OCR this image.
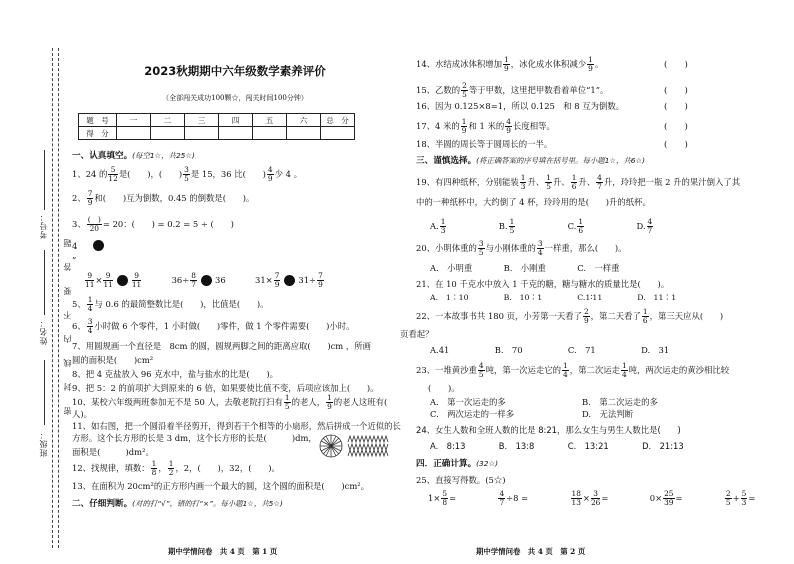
考号：
姓名：
班级：
密　封　线　内　不　要　答　题
2023秋期期中六年级数学素养评价
（全部闯关成功100颗☆，闯关时间100分钟）
题　号	一	二	三	四	五	六	总　分
得　分							
一、认真填空。(每空1☆，共25☆)
1、24 的 $\frac{5}{12}$ 是(　　)，(　　) $\frac{3}{5}$ 是 15，36 比(　　) $\frac{4}{9}$ 少 4 。
2、 $\frac{7}{9}$ 和(　　)互为倒数，0.45 的倒数是(　　)。
3、 $\frac{( )}{20} = 20$：(　　) = 0.2 = 5 ÷ (　　)
4
”
$\frac{9}{11} \times \frac{9}{11}$	$\frac{9}{11}$	$36\div \frac{8}{7} 36$	$31\times \frac{7}{9} 31\div \frac{7}{9}$
5、 $\frac{1}{4}$ 与 0.6 的最简整数比是(　　)，比值是(　　)。
6、 $\frac{3}{4}$ 小时做 6 个零件，1 小时做(　　)零件，做 1 个零件需要(　　)小时。
7、用圆规画一个直径是　8cm 的圆，圆规两脚之间的距离应取(　　)cm ，所画
圆的面积是(　　)cm²
8、把 4 克盐放入 96 克水中，盐与盐水的比是(　　)。
9、把 5：2 的前项扩大到原来的 6 倍，如果要使比值不变，后项应该加上(　　)。
10、某校六年级两班参加无不是 50 人，去敬老院打扫有 $\frac{1}{5}$ 的老人， $\frac{1}{9}$ 的老人这班有(
人)。
11、如右图，把一个圆沿着半径剪开，得到若干个相等的小扇形，然后拼成一个近似的长
方形。这个长方形的长是 3 dm，这个长方形的长是(　　　)dm，
面积是(　　　)dm²。
12、找规律，填数： $\frac{1}{8}$ ， $\frac{1}{2}$ ，2，(　　)，32，(　　)。
13、在面积为 20cm²的正方形内画一个最大的圆，这个圆的面积是(　　)cm²。
二、仔细判断。(对的打“√”，错的打“×”。每小题1☆，共5☆)
期中学情问卷　共 4 页　第 1 页
14、水结成冰体积增加 $\frac{1}{9}$ ，冰化成水体积减少 $\frac{1}{9}$ 。	(　　)
15、乙数的 $\frac{2}{5}$ 等于甲数，这里把甲数看着单位“1”。	(　　)
16、因为 0.125×8=1，所以 0.125　和 8 互为倒数。	(　　)
17、4 米的 $\frac{1}{9}$ 和 1 米的 $\frac{4}{9}$ 长度相等。	(　　)
18、半圆的周长等于圆周长的一半。	(　　)
三、谨慎选择。(将正确答案的序号填在括号里。每小题1☆，共6☆)
19、有四种纸杯，分别能装 $\frac{1}{3}$ 升、 $\frac{1}{5}$ 升、 $\frac{1}{6}$ 升、 $\frac{4}{7}$ 升，玲玲把一瓶 2 升的果汁倒入了其
中的一种纸杯中，大约倒了 4 杯，玲玲用的是(　　)升的纸杯。
A. $\frac{1}{3}$	B. $\frac{1}{5}$	C. $\frac{1}{6}$	D. $\frac{4}{7}$
20、小明体重的 $\frac{3}{5}$ 与小刚体重的 $\frac{3}{4}$ 一样重，那么(　　)。
A.　小明重	B.　小刚重	C.　一样重
21、在 10 千克水中放入 1 千克的糖，糖与糖水的质量比是(　　)。
A.　1∶10	B.　10∶1	C.1∶11	D.　11∶1
22、一本故事书共 180 页，小芳第一天看了 $\frac{2}{9}$ ，第二天看了 $\frac{1}{6}$ ，第三天应从(　　)
页看起？
A.41	B.　70	C.　71	D.　31
23、一堆黄沙重 $\frac{4}{5}$ 吨，第一次运走它的 $\frac{1}{4}$ ，第二次运走 $\frac{1}{4}$ 吨，两次运走的黄沙相比较
(　　)。
A.　第一次运走的多	B.　第二次运走的多
C.　两次运走的一样多	D.　无法判断
24、女生人数和全班人数的比是 8:21，那么女生与男生人数比是(　　)
A.　8:13	B.　13:8	C.　13:21	D.　21:13
四．正确计算。(32☆)
25、直接写得数。(5☆)
$1\times \frac{5}{8}$ =	$\frac{4}{7} \div 8$ =	$\frac{18}{13} \times \frac{3}{26}$ =	$0\times \frac{25}{39}$ =	$\frac{2}{5} + \frac{5}{3}$ =
期中学情问卷　共 4 页　第 2 页
